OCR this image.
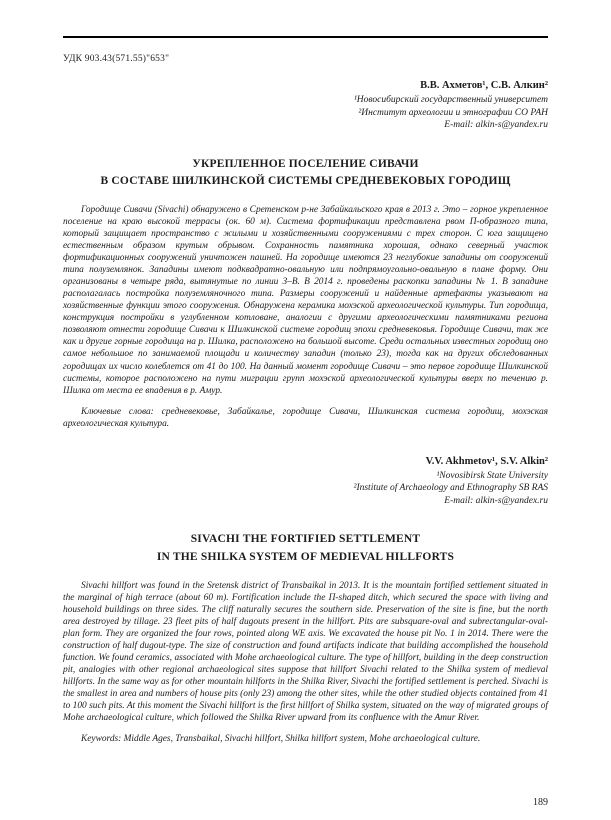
УДК 903.43(571.55)"653"
В.В. Ахметов¹, С.В. Алкин²
¹Новосибирский государственный университет
²Институт археологии и этнографии СО РАН
E-mail: alkin-s@yandex.ru
УКРЕПЛЕННОЕ ПОСЕЛЕНИЕ СИВАЧИ
В СОСТАВЕ ШИЛКИНСКОЙ СИСТЕМЫ СРЕДНЕВЕКОВЫХ ГОРОДИЩ
Городище Сивачи (Sivachi) обнаружено в Сретенском р-не Забайкальского края в 2013 г. Это – горное укрепленное поселение на краю высокой террасы (ок. 60 м). Система фортификации представлена рвом П-образного типа, который защищает пространство с жилыми и хозяйственными сооружениями с трех сторон. С юга защищено естественным образом крутым обрывом. Сохранность памятника хорошая, однако северный участок фортификационных сооружений уничтожен пашней. На городище имеются 23 неглубокие западины от сооружений типа полуземлянок. Западины имеют подквадратно-овальную или подпрямоугольно-овальную в плане форму. Они организованы в четыре ряда, вытянутые по линии З–В. В 2014 г. проведены раскопки западины № 1. В западине располагалась постройка полуземляночного типа. Размеры сооружений и найденные артефакты указывают на хозяйственные функции этого сооружения. Обнаружена керамика мохэской археологической культуры. Тип городища, конструкция постройки в углубленном котловане, аналогии с другими археологическими памятниками региона позволяют отнести городище Сивачи к Шилкинской системе городищ эпохи средневековья. Городище Сивачи, так же как и другие горные городища на р. Шилка, расположено на большой высоте. Среди остальных известных городищ оно самое небольшое по занимаемой площади и количеству западин (только 23), тогда как на других обследованных городищах их число колеблется от 41 до 100. На данный момент городище Сивачи – это первое городище Шилкинской системы, которое расположено на пути миграции групп мохэской археологической культуры вверх по течению р. Шилка от места ее впадения в р. Амур.
Ключевые слова: средневековье, Забайкалье, городище Сивачи, Шилкинская система городищ, мохэская археологическая культура.
V.V. Akhmetov¹, S.V. Alkin²
¹Novosibirsk State University
²Institute of Archaeology and Ethnography SB RAS
E-mail: alkin-s@yandex.ru
SIVACHI THE FORTIFIED SETTLEMENT
IN THE SHILKA SYSTEM OF MEDIEVAL HILLFORTS
Sivachi hillfort was found in the Sretensk district of Transbaikal in 2013. It is the mountain fortified settlement situated in the marginal of high terrace (about 60 m). Fortification include the П-shaped ditch, which secured the space with living and household buildings on three sides. The cliff naturally secures the southern side. Preservation of the site is fine, but the north area destroyed by tillage. 23 fleet pits of half dugouts present in the hillfort. Pits are subsquare-oval and subrectangular-oval-plan form. They are organized the four rows, pointed along WE axis. We excavated the house pit No. 1 in 2014. There were the construction of half dugout-type. The size of construction and found artifacts indicate that building accomplished the household function. We found ceramics, associated with Mohe archaeological culture. The type of hillfort, building in the deep construction pit, analogies with other regional archaeological sites suppose that hillfort Sivachi related to the Shilka system of medieval hillforts. In the same way as for other mountain hillforts in the Shilka River, Sivachi the fortified settlement is perched. Sivachi is the smallest in area and numbers of house pits (only 23) among the other sites, while the other studied objects contained from 41 to 100 such pits. At this moment the Sivachi hillfort is the first hillfort of Shilka system, situated on the way of migrated groups of Mohe archaeological culture, which followed the Shilka River upward from its confluence with the Amur River.
Keywords: Middle Ages, Transbaikal, Sivachi hillfort, Shilka hillfort system, Mohe archaeological culture.
189
